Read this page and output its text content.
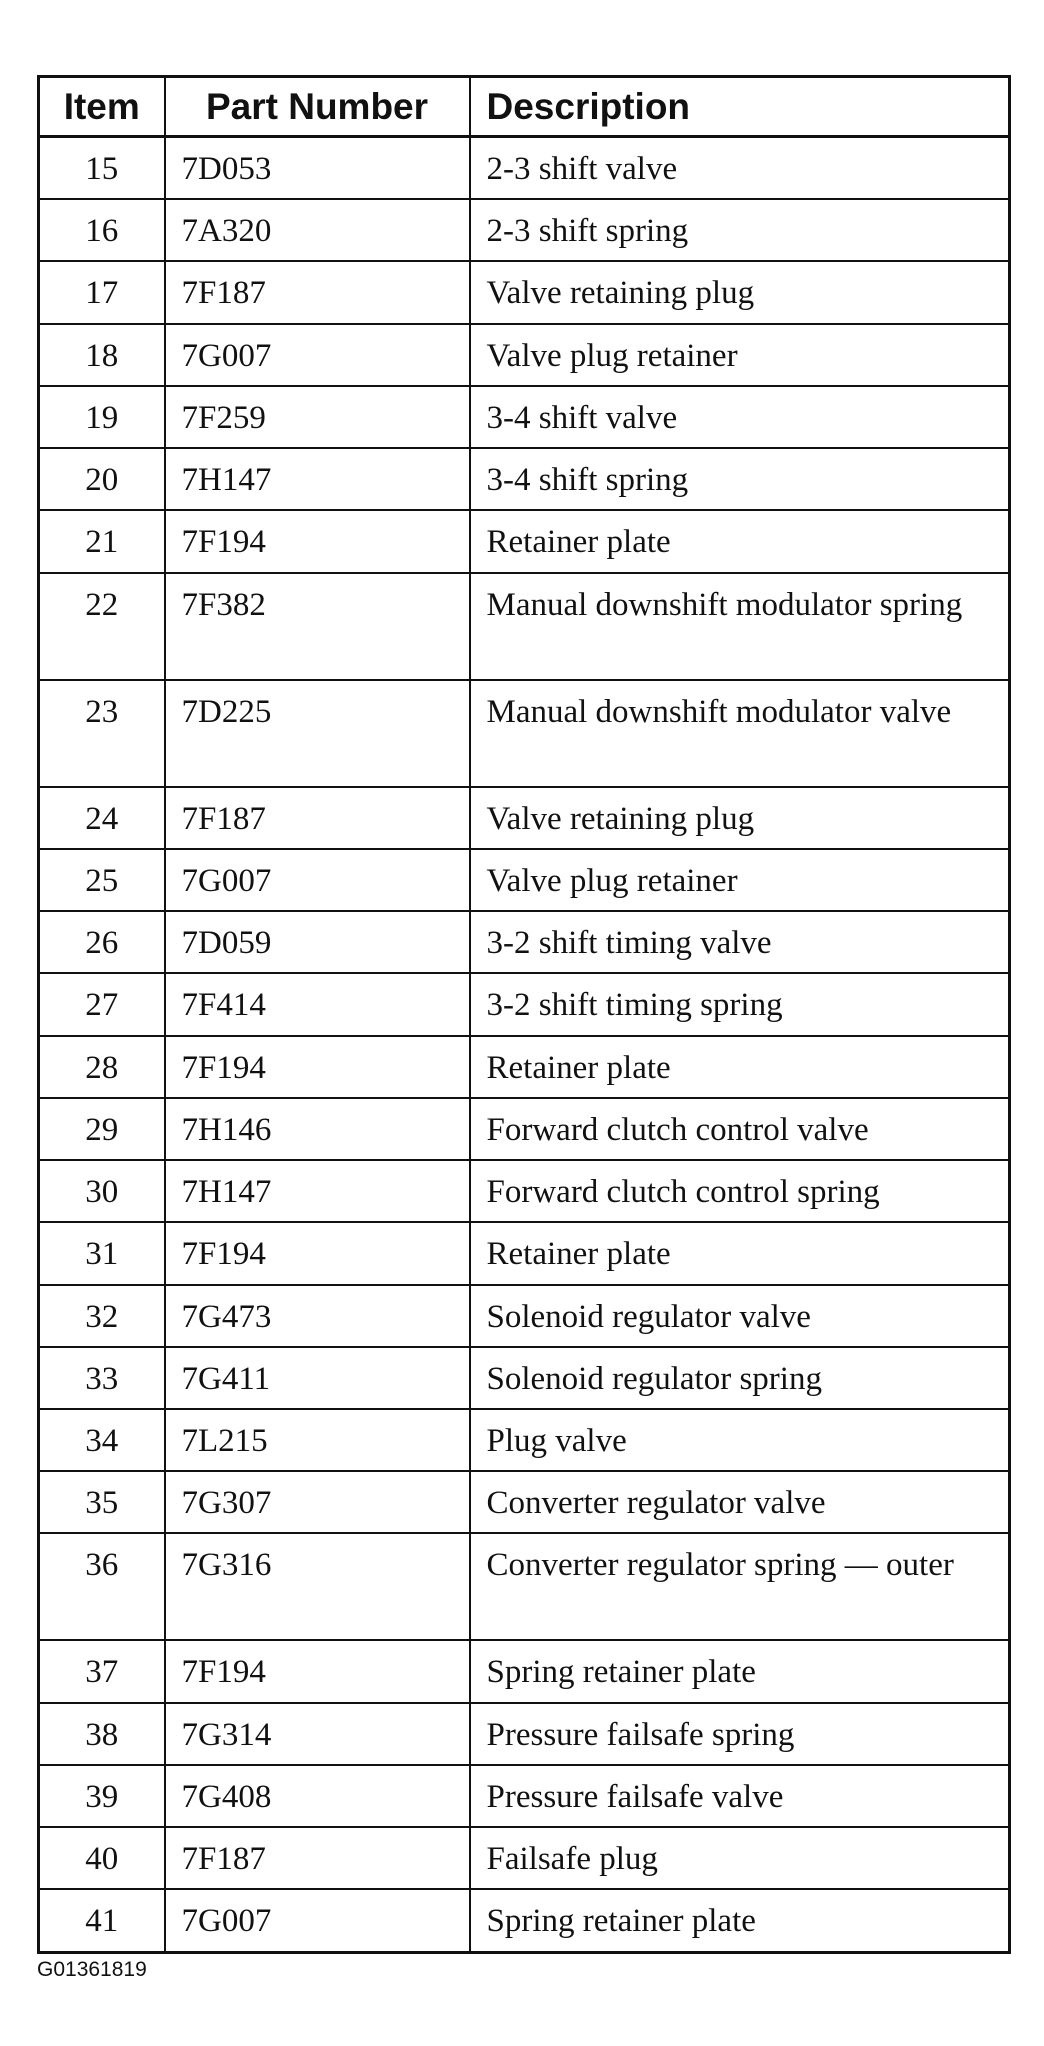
Item	Part Number	Description
15	7D053	2-3 shift valve
16	7A320	2-3 shift spring
17	7F187	Valve retaining plug
18	7G007	Valve plug retainer
19	7F259	3-4 shift valve
20	7H147	3-4 shift spring
21	7F194	Retainer plate
22	7F382	Manual downshift modulator spring
23	7D225	Manual downshift modulator valve
24	7F187	Valve retaining plug
25	7G007	Valve plug retainer
26	7D059	3-2 shift timing valve
27	7F414	3-2 shift timing spring
28	7F194	Retainer plate
29	7H146	Forward clutch control valve
30	7H147	Forward clutch control spring
31	7F194	Retainer plate
32	7G473	Solenoid regulator valve
33	7G411	Solenoid regulator spring
34	7L215	Plug valve
35	7G307	Converter regulator valve
36	7G316	Converter regulator spring — outer
37	7F194	Spring retainer plate
38	7G314	Pressure failsafe spring
39	7G408	Pressure failsafe valve
40	7F187	Failsafe plug
41	7G007	Spring retainer plate
G01361819
